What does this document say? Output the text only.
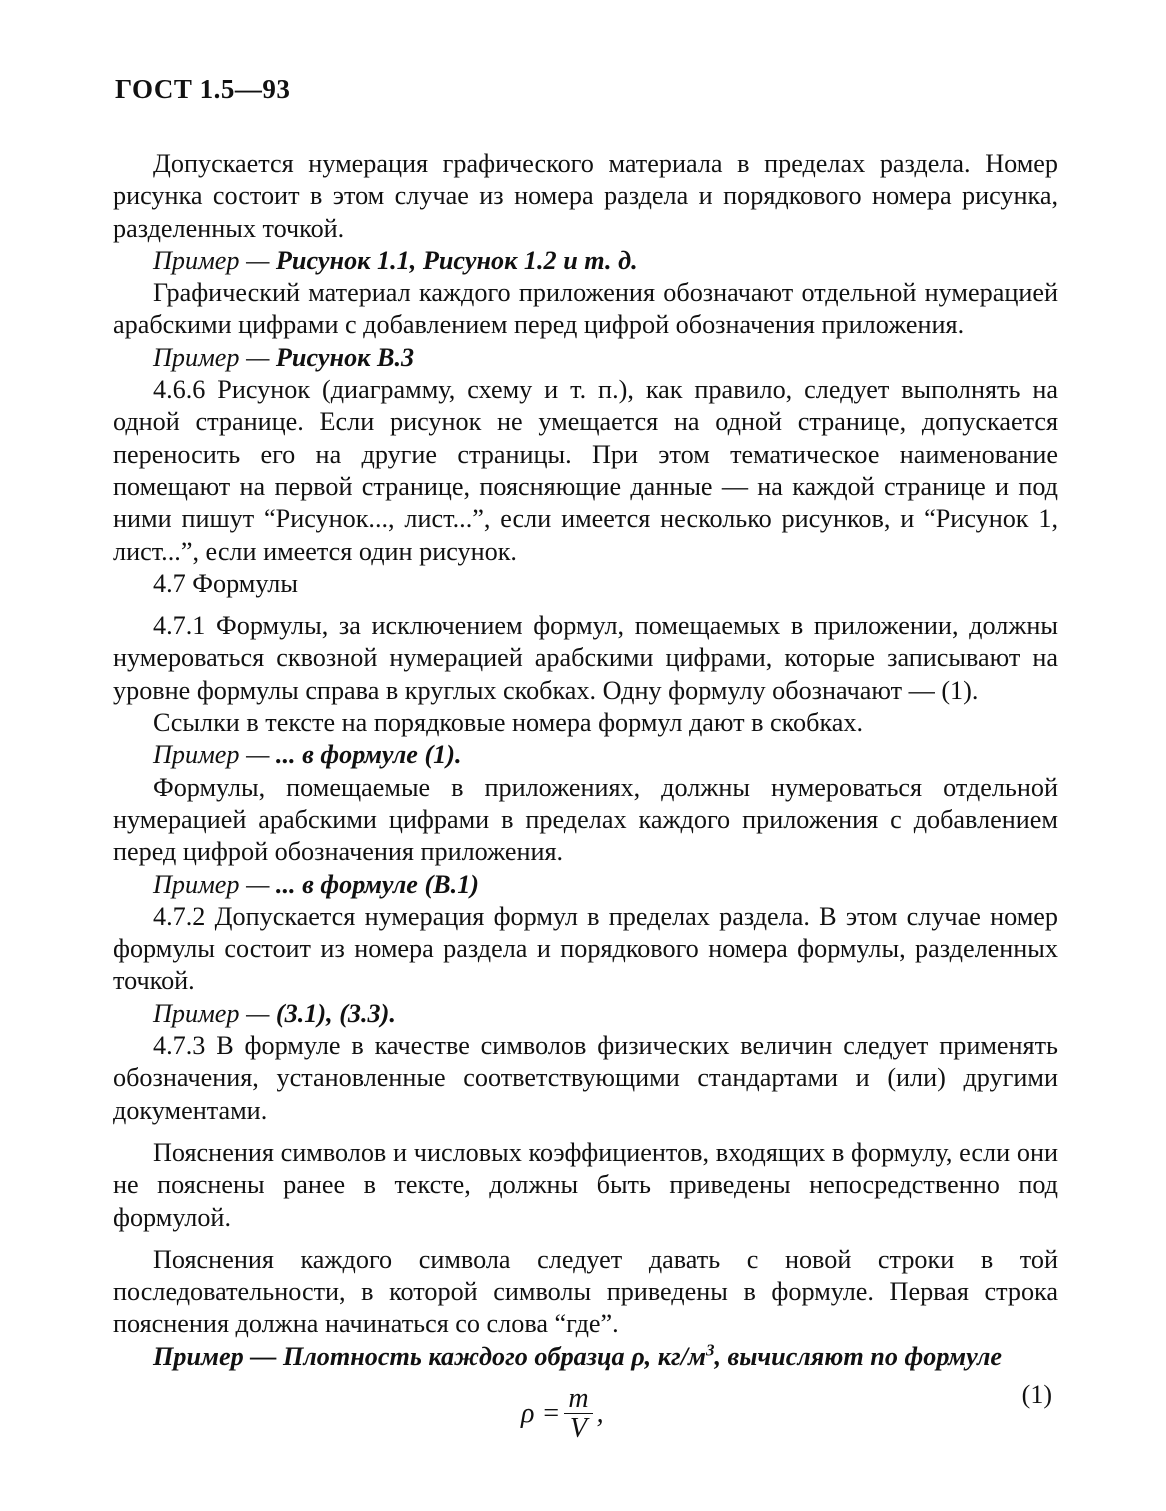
ГОСТ 1.5—93

Допускается нумерация графического материала в пределах раздела. Номер рисунка состоит в этом случае из номера раздела и порядкового номера рисунка, разделенных точкой.

Пример — Рисунок 1.1, Рисунок 1.2 и т. д.

Графический материал каждого приложения обозначают отдельной нумерацией арабскими цифрами с добавлением перед цифрой обозначения приложения.

Пример — Рисунок В.3

4.6.6 Рисунок (диаграмму, схему и т. п.), как правило, следует выполнять на одной странице. Если рисунок не умещается на одной странице, допускается переносить его на другие страницы. При этом тематическое наименование помещают на первой странице, поясняющие данные — на каждой странице и под ними пишут “Рисунок..., лист...”, если имеется несколько рисунков, и “Рисунок 1, лист...”, если имеется один рисунок.

4.7 Формулы

4.7.1 Формулы, за исключением формул, помещаемых в приложении, должны нумероваться сквозной нумерацией арабскими цифрами, которые записывают на уровне формулы справа в круглых скобках. Одну формулу обозначают — (1).

Ссылки в тексте на порядковые номера формул дают в скобках.

Пример — ... в формуле (1).

Формулы, помещаемые в приложениях, должны нумероваться отдельной нумерацией арабскими цифрами в пределах каждого приложения с добавлением перед цифрой обозначения приложения.

Пример — ... в формуле (В.1)

4.7.2 Допускается нумерация формул в пределах раздела. В этом случае номер формулы состоит из номера раздела и порядкового номера формулы, разделенных точкой.

Пример — (3.1), (3.3).

4.7.3 В формуле в качестве символов физических величин следует применять обозначения, установленные соответствующими стандартами и (или) другими документами.

Пояснения символов и числовых коэффициентов, входящих в формулу, если они не пояснены ранее в тексте, должны быть приведены непосредственно под формулой.

Пояснения каждого символа следует давать с новой строки в той последовательности, в которой символы приведены в формуле. Первая строка пояснения должна начинаться со слова “где”.

Пример — Плотность каждого образца ρ, $кг/м^3$, вычисляют по формуле

$\rho = \frac{m}{V}$ ,
(1)
